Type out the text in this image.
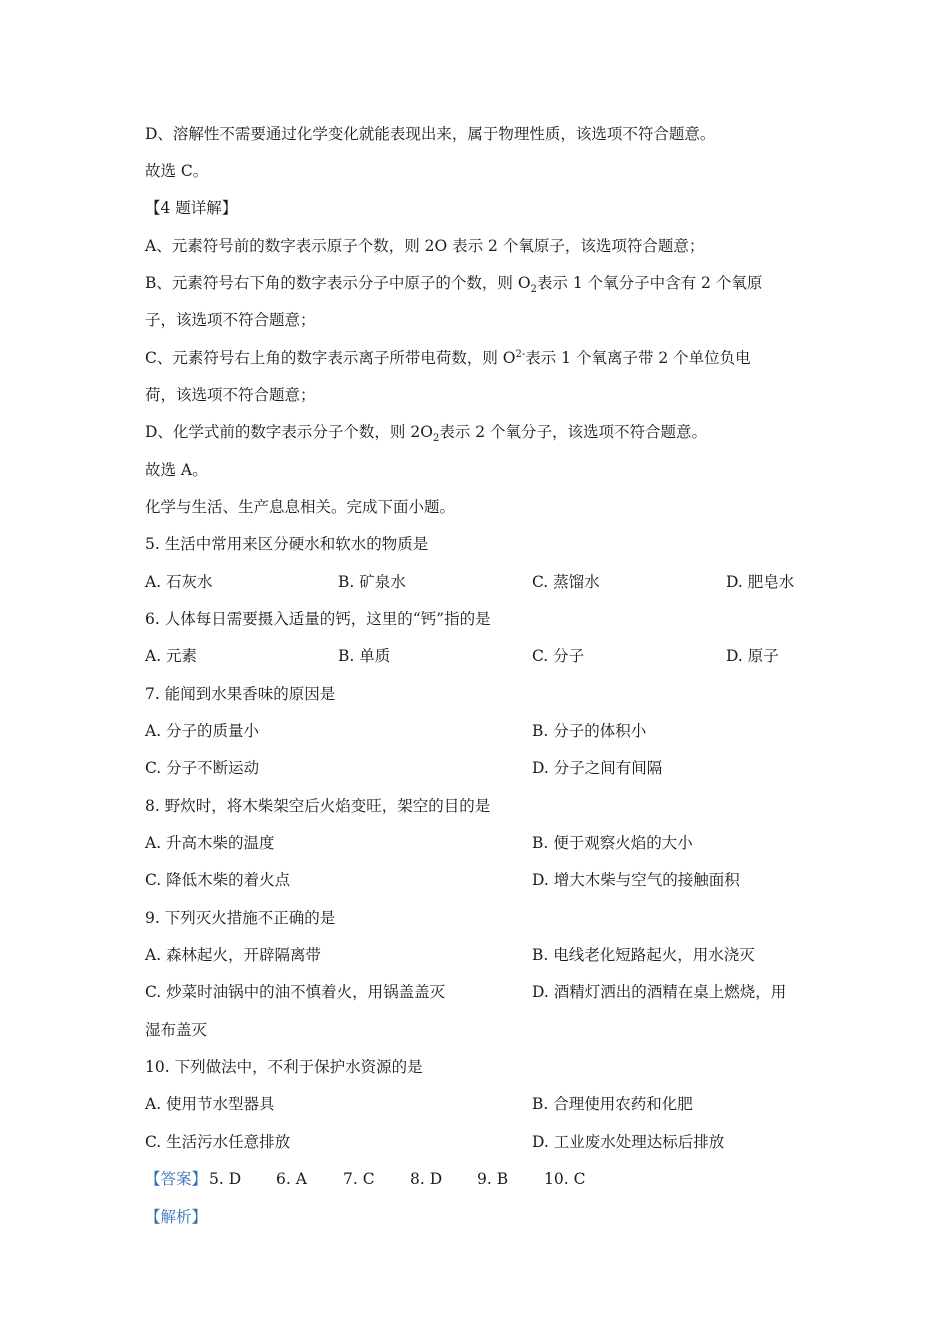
D、溶解性不需要通过化学变化就能表现出来，属于物理性质，该选项不符合题意。
故选 C。
【4 题详解】
A、元素符号前的数字表示原子个数，则 2O 表示 2 个氧原子，该选项符合题意；
B、元素符号右下角的数字表示分子中原子的个数，则 $O_2$表示 1 个氧分子中含有 2 个氧原
子，该选项不符合题意；
C、元素符号右上角的数字表示离子所带电荷数，则 $O^{2-}$表示 1 个氧离子带 2 个单位负电
荷，该选项不符合题意；
D、化学式前的数字表示分子个数，则 $2O_2$表示 2 个氧分子，该选项不符合题意。
故选 A。
化学与生活、生产息息相关。完成下面小题。
5. 生活中常用来区分硬水和软水的物质是
A. 石灰水	B. 矿泉水	C. 蒸馏水	D. 肥皂水
6. 人体每日需要摄入适量的钙，这里的“钙”指的是
A. 元素	B. 单质	C. 分子	D. 原子
7. 能闻到水果香味的原因是
A. 分子的质量小	B. 分子的体积小
C. 分子不断运动	D. 分子之间有间隔
8. 野炊时，将木柴架空后火焰变旺，架空的目的是
A. 升高木柴的温度	B. 便于观察火焰的大小
C. 降低木柴的着火点	D. 增大木柴与空气的接触面积
9. 下列灭火措施不正确的是
A. 森林起火，开辟隔离带	B. 电线老化短路起火，用水浇灭
C. 炒菜时油锅中的油不慎着火，用锅盖盖灭	D. 酒精灯洒出的酒精在桌上燃烧，用
湿布盖灭
10. 下列做法中，不利于保护水资源的是
A. 使用节水型器具	B. 合理使用农药和化肥
C. 生活污水任意排放	D. 工业废水处理达标后排放
【答案】 5. D 6. A 7. C 8. D 9. B 10. C
【解析】
